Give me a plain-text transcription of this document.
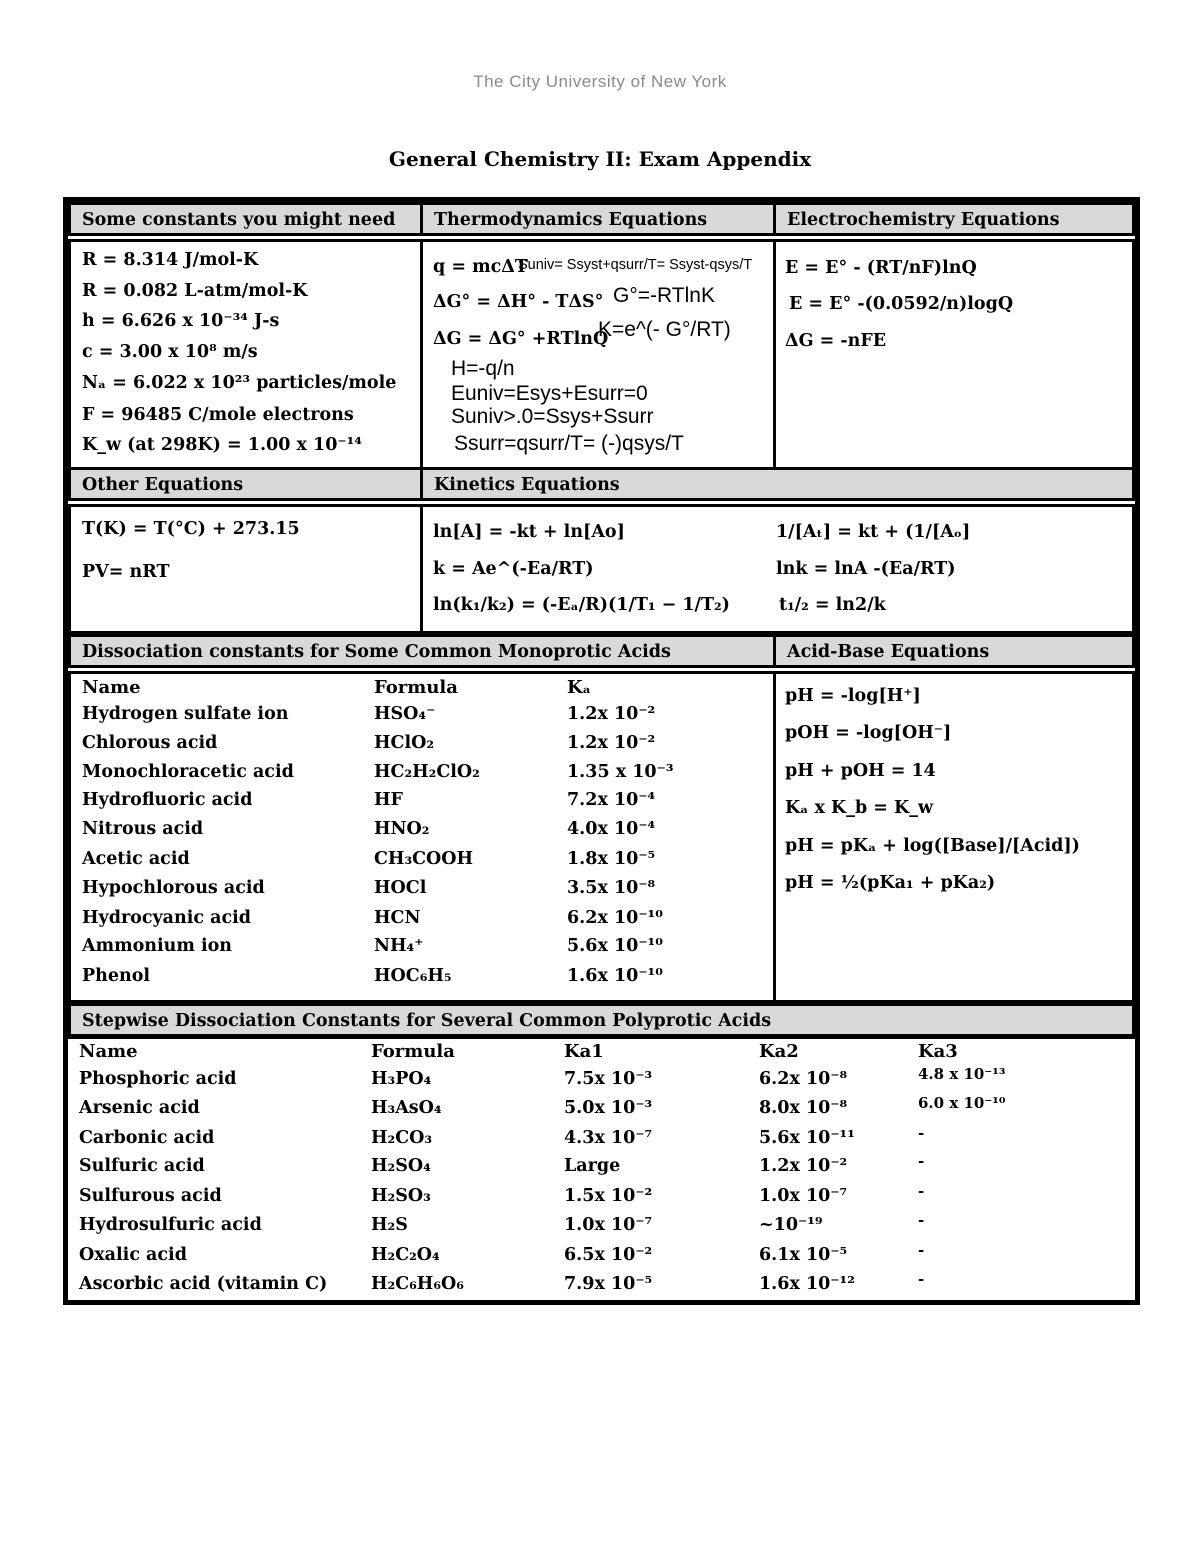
The City University of New York
General Chemistry II: Exam Appendix
Some constants you might need	Thermodynamics Equations	Electrochemistry Equations
R = 8.314 J/mol-K
R = 0.082 L-atm/mol-K
h = 6.626 x 10⁻³⁴ J-s
c = 3.00 x 10⁸ m/s
Nₐ = 6.022 x 10²³ particles/mole
F = 96485 C/mole electrons
K_w (at 298K) = 1.00 x 10⁻¹⁴
q = mcΔT
ΔG° = ΔH° - TΔS°
ΔG = ΔG° +RTlnQ
Suniv= Ssyst+qsurr/T= Ssyst-qsys/T
G°=-RTlnK
K=e^(- G°/RT)
H=-q/n
Euniv=Esys+Esurr=0
Suniv>.0=Ssys+Ssurr
Ssurr=qsurr/T= (-)qsys/T
E = E° - (RT/nF)lnQ
E = E° -(0.0592/n)logQ
ΔG = -nFE
Other Equations	Kinetics Equations
T(K) = T(°C) + 273.15
PV= nRT
ln[A] = -kt + ln[Ao]
k = Ae^(-Ea/RT)
ln(k₁/k₂) = (-Eₐ/R)(1/T₁ − 1/T₂)
1/[Aₜ] = kt + (1/[Aₒ]
lnk = lnA -(Ea/RT)
t₁/₂ = ln2/k
Dissociation constants for Some Common Monoprotic Acids	Acid-Base Equations
Name	Formula	Kₐ
Hydrogen sulfate ion	HSO₄⁻	1.2x 10⁻²
Chlorous acid	HClO₂	1.2x 10⁻²
Monochloracetic acid	HC₂H₂ClO₂	1.35 x 10⁻³
Hydrofluoric acid	HF	7.2x 10⁻⁴
Nitrous acid	HNO₂	4.0x 10⁻⁴
Acetic acid	CH₃COOH	1.8x 10⁻⁵
Hypochlorous acid	HOCl	3.5x 10⁻⁸
Hydrocyanic acid	HCN	6.2x 10⁻¹⁰
Ammonium ion	NH₄⁺	5.6x 10⁻¹⁰
Phenol	HOC₆H₅	1.6x 10⁻¹⁰
pH = -log[H⁺]
pOH = -log[OH⁻]
pH + pOH = 14
Kₐ x K_b = K_w
pH = pKₐ + log([Base]/[Acid])
pH = ½(pKa₁ + pKa₂)
Stepwise Dissociation Constants for Several Common Polyprotic Acids
Name	Formula	Ka1	Ka2	Ka3
Phosphoric acid	H₃PO₄	7.5x 10⁻³	6.2x 10⁻⁸	4.8 x 10⁻¹³
Arsenic acid	H₃AsO₄	5.0x 10⁻³	8.0x 10⁻⁸	6.0 x 10⁻¹⁰
Carbonic acid	H₂CO₃	4.3x 10⁻⁷	5.6x 10⁻¹¹	-
Sulfuric acid	H₂SO₄	Large	1.2x 10⁻²	-
Sulfurous acid	H₂SO₃	1.5x 10⁻²	1.0x 10⁻⁷	-
Hydrosulfuric acid	H₂S	1.0x 10⁻⁷	~10⁻¹⁹	-
Oxalic acid	H₂C₂O₄	6.5x 10⁻²	6.1x 10⁻⁵	-
Ascorbic acid (vitamin C) H₂C₆H₆O₆	7.9x 10⁻⁵	1.6x 10⁻¹²	-
